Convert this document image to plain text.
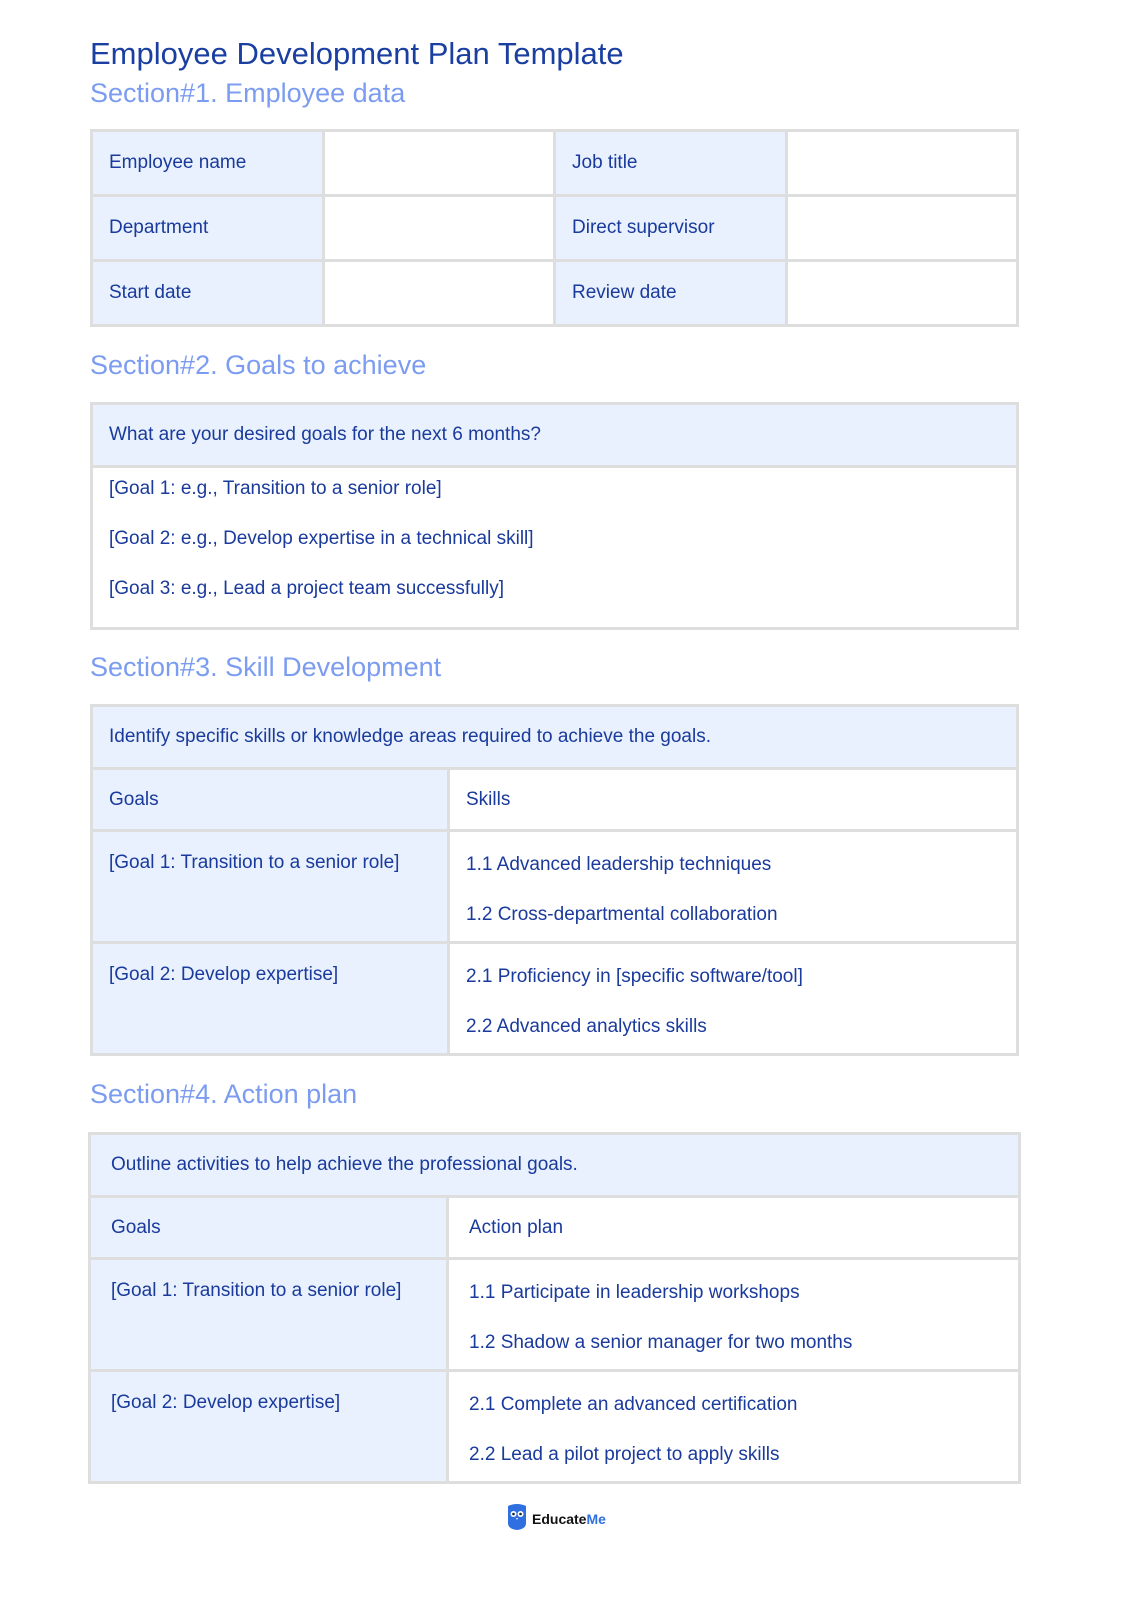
Employee Development Plan Template
Section#1. Employee data
Employee name		Job title	
Department		Direct supervisor	
Start date		Review date	
Section#2. Goals to achieve
What are your desired goals for the next 6 months?

[Goal 1: e.g., Transition to a senior role]
[Goal 2: e.g., Develop expertise in a technical skill]
[Goal 3: e.g., Lead a project team successfully]
Section#3. Skill Development
Identify specific skills or knowledge areas required to achieve the goals.	
Goals	Skills
[Goal 1: Transition to a senior role]	1.1 Advanced leadership techniques
1.2 Cross-departmental collaboration

[Goal 2: Develop expertise]	2.1 Proficiency in [specific software/tool]
2.2 Advanced analytics skills
Section#4. Action plan
Outline activities to help achieve the professional goals.	
Goals	Action plan
[Goal 1: Transition to a senior role]	1.1 Participate in leadership workshops
1.2 Shadow a senior manager for two months

[Goal 2: Develop expertise]	2.1 Complete an advanced certification
2.2 Lead a pilot project to apply skills
EducateMe
